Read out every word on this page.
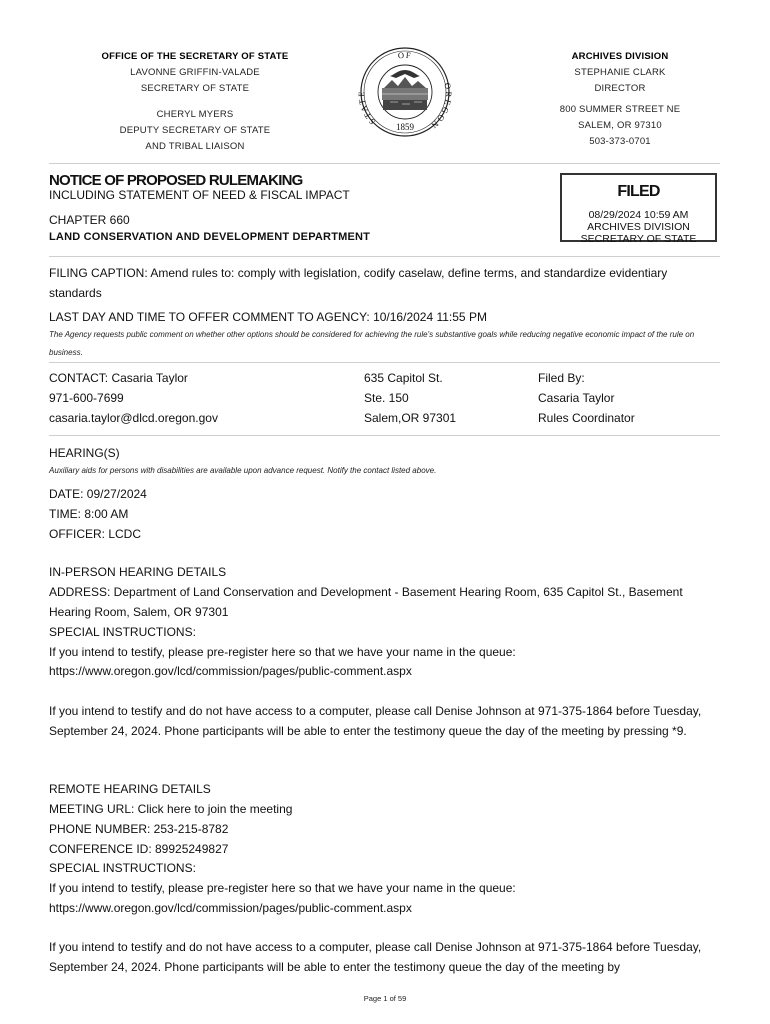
OFFICE OF THE SECRETARY OF STATE
LAVONNE GRIFFIN-VALADE
SECRETARY OF STATE
CHERYL MYERS
DEPUTY SECRETARY OF STATE
AND TRIBAL LIAISON
OF
STATE
OREGON
1859
ARCHIVES DIVISION
STEPHANIE CLARK
DIRECTOR
800 SUMMER STREET NE
SALEM, OR 97310
503-373-0701
NOTICE OF PROPOSED RULEMAKING
INCLUDING STATEMENT OF NEED & FISCAL IMPACT
CHAPTER 660
LAND CONSERVATION AND DEVELOPMENT DEPARTMENT
FILED
08/29/2024 10:59 AM
ARCHIVES DIVISION
SECRETARY OF STATE
FILING CAPTION: Amend rules to: comply with legislation, codify caselaw, define terms, and standardize evidentiary standards
LAST DAY AND TIME TO OFFER COMMENT TO AGENCY: 10/16/2024 11:55 PM
The Agency requests public comment on whether other options should be considered for achieving the rule's substantive goals while reducing negative economic impact of the rule on business.
CONTACT: Casaria Taylor
971-600-7699
casaria.taylor@dlcd.oregon.gov
635 Capitol St.
Ste. 150
Salem,OR 97301
Filed By:
Casaria Taylor
Rules Coordinator
HEARING(S)
Auxiliary aids for persons with disabilities are available upon advance request. Notify the contact listed above.
DATE: 09/27/2024
TIME: 8:00 AM
OFFICER: LCDC
IN-PERSON HEARING DETAILS
ADDRESS: Department of Land Conservation and Development - Basement Hearing Room, 635 Capitol St., Basement Hearing Room, Salem, OR 97301
SPECIAL INSTRUCTIONS:
If you intend to testify, please pre-register here so that we have your name in the queue:
https://www.oregon.gov/lcd/commission/pages/public-comment.aspx
If you intend to testify and do not have access to a computer, please call Denise Johnson at 971-375-1864 before Tuesday, September 24, 2024. Phone participants will be able to enter the testimony queue the day of the meeting by pressing *9.
REMOTE HEARING DETAILS
MEETING URL: Click here to join the meeting
PHONE NUMBER: 253-215-8782
CONFERENCE ID: 89925249827
SPECIAL INSTRUCTIONS:
If you intend to testify, please pre-register here so that we have your name in the queue:
https://www.oregon.gov/lcd/commission/pages/public-comment.aspx
If you intend to testify and do not have access to a computer, please call Denise Johnson at 971-375-1864 before Tuesday, September 24, 2024. Phone participants will be able to enter the testimony queue the day of the meeting by
Page 1 of 59
